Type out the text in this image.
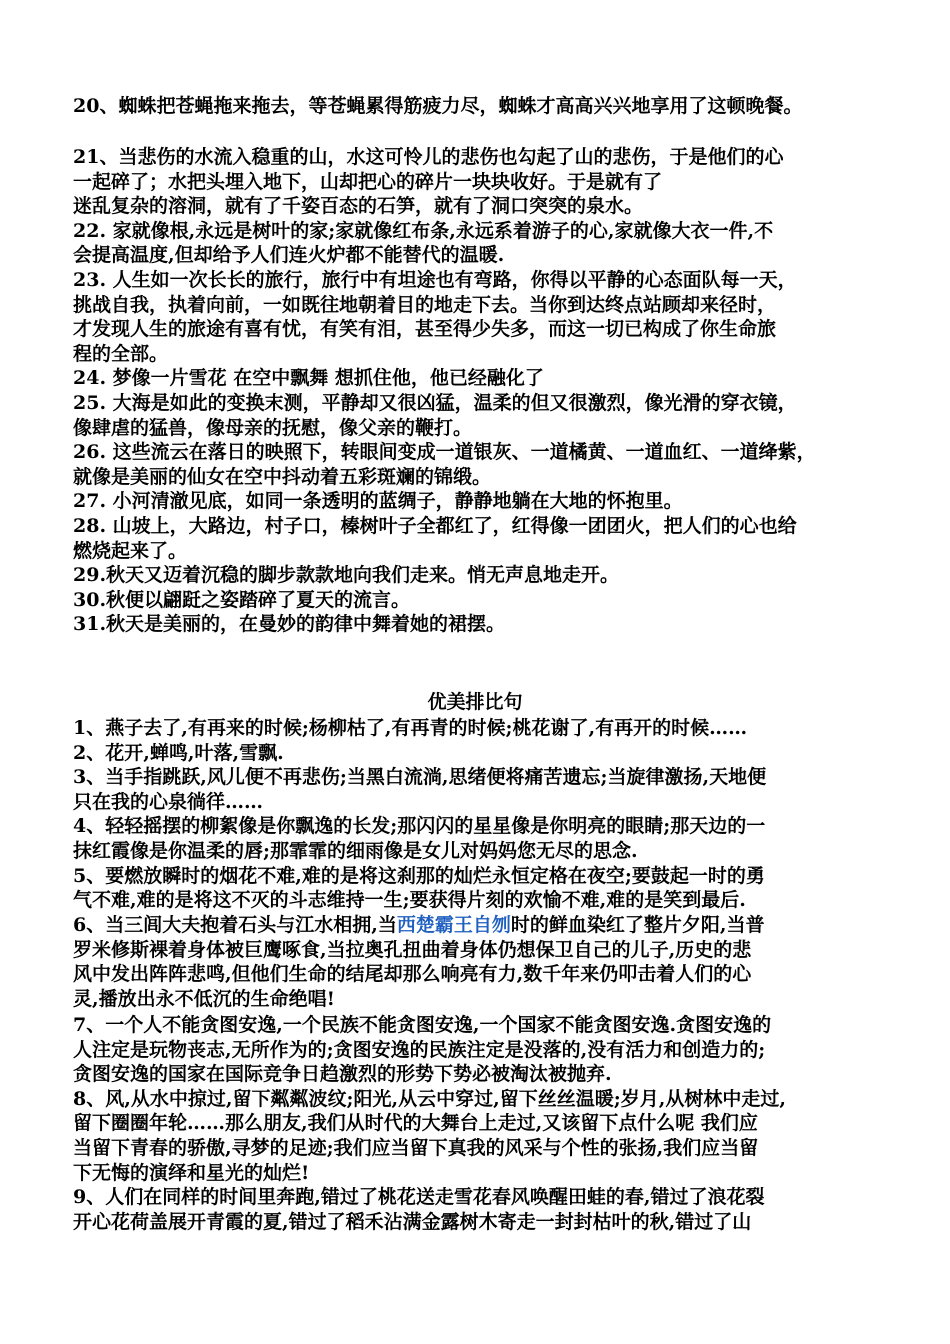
20、蜘蛛把苍蝇拖来拖去，等苍蝇累得筋疲力尽，蜘蛛才高高兴兴地享用了这顿晚餐。

21、当悲伤的水流入稳重的山，水这可怜儿的悲伤也勾起了山的悲伤，于是他们的心
一起碎了；水把头埋入地下，山却把心的碎片一块块收好。于是就有了
迷乱复杂的溶洞，就有了千姿百态的石笋，就有了洞口突突的泉水。
22. 家就像根,永远是树叶的家;家就像红布条,永远系着游子的心,家就像大衣一件,不
会提高温度,但却给予人们连火炉都不能替代的温暖.
23. 人生如一次长长的旅行，旅行中有坦途也有弯路，你得以平静的心态面队每一天，
挑战自我，执着向前，一如既往地朝着目的地走下去。当你到达终点站顾却来径时，
才发现人生的旅途有喜有忧，有笑有泪，甚至得少失多，而这一切已构成了你生命旅
程的全部。
24. 梦像一片雪花 在空中飘舞 想抓住他，他已经融化了
25. 大海是如此的变换末测，平静却又很凶猛，温柔的但又很激烈，像光滑的穿衣镜，
像肆虐的猛兽，像母亲的抚慰，像父亲的鞭打。
26. 这些流云在落日的映照下，转眼间变成一道银灰、一道橘黄、一道血红、一道绛紫，
就像是美丽的仙女在空中抖动着五彩斑斓的锦缎。
27. 小河清澈见底，如同一条透明的蓝绸子，静静地躺在大地的怀抱里。
28. 山坡上，大路边，村子口，榛树叶子全都红了，红得像一团团火，把人们的心也给
燃烧起来了。
29.秋天又迈着沉稳的脚步款款地向我们走来。悄无声息地走开。
30.秋便以翩跹之姿踏碎了夏天的流言。
31.秋天是美丽的，在曼妙的韵律中舞着她的裙摆。

优美排比句

1、燕子去了,有再来的时候;杨柳枯了,有再青的时候;桃花谢了,有再开的时候……
2、花开,蝉鸣,叶落,雪飘.
3、当手指跳跃,风儿便不再悲伤;当黑白流淌,思绪便将痛苦遗忘;当旋律激扬,天地便
只在我的心泉徜徉……
4、轻轻摇摆的柳絮像是你飘逸的长发;那闪闪的星星像是你明亮的眼睛;那天边的一
抹红霞像是你温柔的唇;那霏霏的细雨像是女儿对妈妈您无尽的思念.
5、要燃放瞬时的烟花不难,难的是将这刹那的灿烂永恒定格在夜空;要鼓起一时的勇
气不难,难的是将这不灭的斗志维持一生;要获得片刻的欢愉不难,难的是笑到最后.

6、当三闾大夫抱着石头与江水相拥,当西楚霸王自刎时的鲜血染红了整片夕阳,当普
罗米修斯裸着身体被巨鹰啄食,当拉奥孔扭曲着身体仍想保卫自己的儿子,历史的悲
风中发出阵阵悲鸣,但他们生命的结尾却那么响亮有力,数千年来仍叩击着人们的心
灵,播放出永不低沉的生命绝唱!

7、一个人不能贪图安逸,一个民族不能贪图安逸,一个国家不能贪图安逸.贪图安逸的
人注定是玩物丧志,无所作为的;贪图安逸的民族注定是没落的,没有活力和创造力的;
贪图安逸的国家在国际竞争日趋激烈的形势下势必被淘汰被抛弃.
8、风,从水中掠过,留下粼粼波纹;阳光,从云中穿过,留下丝丝温暖;岁月,从树林中走过,
留下圈圈年轮……那么朋友,我们从时代的大舞台上走过,又该留下点什么呢 我们应
当留下青春的骄傲,寻梦的足迹;我们应当留下真我的风采与个性的张扬,我们应当留
下无悔的演绎和星光的灿烂!
9、人们在同样的时间里奔跑,错过了桃花送走雪花春风唤醒田蛙的春,错过了浪花裂
开心花荷盖展开青霞的夏,错过了稻禾沾满金露树木寄走一封封枯叶的秋,错过了山
